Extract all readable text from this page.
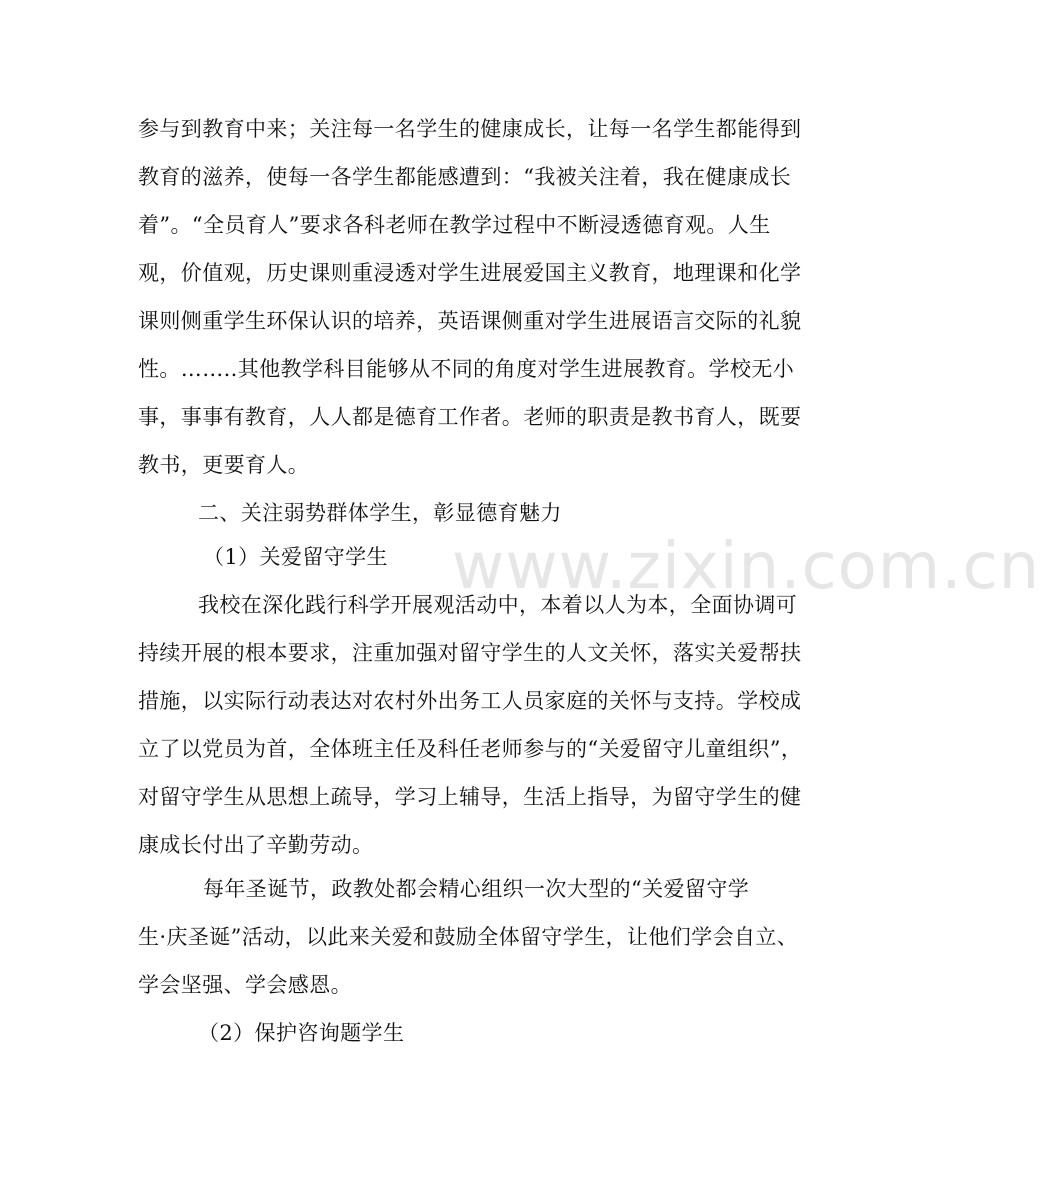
参与到教育中来；关注每一名学生的健康成长，让每一名学生都能得到
教育的滋养，使每一各学生都能感遭到：“我被关注着，我在健康成长
着”。“全员育人”要求各科老师在教学过程中不断浸透德育观。人生
观，价值观，历史课则重浸透对学生进展爱国主义教育，地理课和化学
课则侧重学生环保认识的培养，英语课侧重对学生进展语言交际的礼貌
性。……..其他教学科目能够从不同的角度对学生进展教育。学校无小
事，事事有教育，人人都是德育工作者。老师的职责是教书育人，既要
教书，更要育人。
二、关注弱势群体学生，彰显德育魅力
（1）关爱留守学生 www.zixin.com.cn
我校在深化践行科学开展观活动中，本着以人为本，全面协调可
持续开展的根本要求，注重加强对留守学生的人文关怀，落实关爱帮扶
措施，以实际行动表达对农村外出务工人员家庭的关怀与支持。学校成
立了以党员为首，全体班主任及科任老师参与的“关爱留守儿童组织”，
对留守学生从思想上疏导，学习上辅导，生活上指导，为留守学生的健
康成长付出了辛勤劳动。
每年圣诞节，政教处都会精心组织一次大型的“关爱留守学
生·庆圣诞”活动，以此来关爱和鼓励全体留守学生，让他们学会自立、
学会坚强、学会感恩。
（2）保护咨询题学生
